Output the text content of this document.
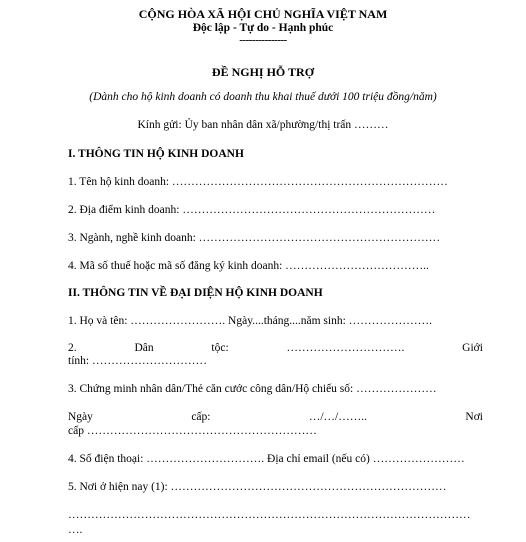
CỘNG HÒA XÃ HỘI CHỦ NGHĨA VIỆT NAM
Độc lập - Tự do - Hạnh phúc
---------------
ĐỀ NGHỊ HỖ TRỢ
(Dành cho hộ kinh doanh có doanh thu khai thuế dưới 100 triệu đồng/năm)
Kính gửi: Ủy ban nhân dân xã/phường/thị trấn ………
I. THÔNG TIN HỘ KINH DOANH
1. Tên hộ kinh doanh: ………………………………………………………………
2. Địa điểm kinh doanh: …………………………………………………………
3. Ngành, nghề kinh doanh: ………………………………………………………
4. Mã số thuế hoặc mã số đăng ký kinh doanh: ………………………………..
II. THÔNG TIN VỀ ĐẠI DIỆN HỘ KINH DOANH
1. Họ và tên: ……………………. Ngày....tháng....năm sinh: ………………….
2.	Dân	tộc:	………………………….	Giới
tính: …………………………
3. Chứng minh nhân dân/Thẻ căn cước công dân/Hộ chiếu số: …………………
Ngày	cấp:	…/…/……..	Nơi
cấp ……………………………………………………
4. Số điện thoại: …………………………. Địa chỉ email (nếu có) ……………………
5. Nơi ở hiện nay (1): ………………………………………………………………
……………………………………………………………………………………………
….
